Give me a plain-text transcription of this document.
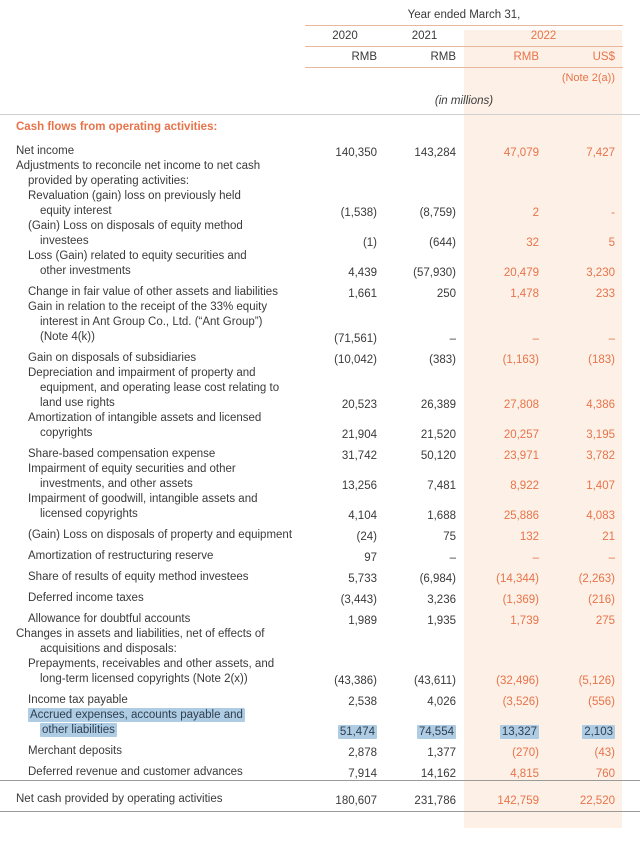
	Year ended March 31,				
	2020	2021	2022		
	RMB	RMB	RMB	US$	
				(Note 2(a))	
	(in millions)				
Cash flows from operating activities:					

Net income	140,350	143,284	47,079	7,427	

Adjustments to reconcile net income to net cash
provided by operating activities:					

Revaluation (gain) loss on previously held
equity interest	(1,538)	(8,759)	2	-	

(Gain) Loss on disposals of equity method
investees	(1)	(644)	32	5	

Loss (Gain) related to equity securities and
other investments	4,439	(57,930)	20,479	3,230	

Change in fair value of other assets and liabilities	1,661	250	1,478	233	

Gain in relation to the receipt of the 33% equity
interest in Ant Group Co., Ltd. (“Ant Group”)
(Note 4(k))	(71,561)	–	–	–	

Gain on disposals of subsidiaries	(10,042)	(383)	(1,163)	(183)	

Depreciation and impairment of property and
equipment, and operating lease cost relating to
land use rights	20,523	26,389	27,808	4,386	

Amortization of intangible assets and licensed
copyrights	21,904	21,520	20,257	3,195	

Share-based compensation expense	31,742	50,120	23,971	3,782	

Impairment of equity securities and other
investments, and other assets	13,256	7,481	8,922	1,407	

Impairment of goodwill, intangible assets and
licensed copyrights	4,104	1,688	25,886	4,083	

(Gain) Loss on disposals of property and equipment	(24)	75	132	21	

Amortization of restructuring reserve	97	–	–	–	

Share of results of equity method investees	5,733	(6,984)	(14,344)	(2,263)	

Deferred income taxes	(3,443)	3,236	(1,369)	(216)	

Allowance for doubtful accounts	1,989	1,935	1,739	275	

Changes in assets and liabilities, net of effects of
acquisitions and disposals:					

Prepayments, receivables and other assets, and
long-term licensed copyrights (Note 2(x))	(43,386)	(43,611)	(32,496)	(5,126)	

Income tax payable	2,538	4,026	(3,526)	(556)	

Accrued expenses, accounts payable and
other liabilities	51,474	74,554	13,327	2,103	

Merchant deposits	2,878	1,377	(270)	(43)	

Deferred revenue and customer advances	7,914	14,162	4,815	760	
Net cash provided by operating activities	180,607	231,786	142,759	22,520	
